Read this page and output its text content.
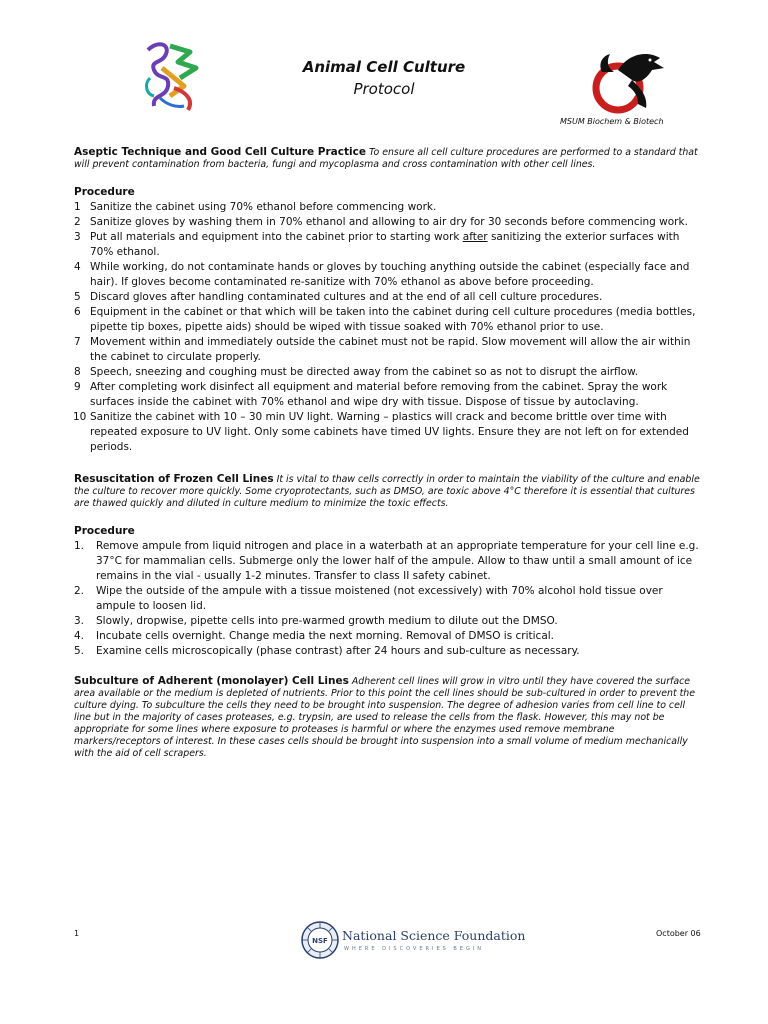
Animal Cell Culture
Protocol
MSUM Biochem & Biotech
Aseptic Technique and Good Cell Culture Practice To ensure all cell culture procedures are performed to a standard that will prevent contamination from bacteria, fungi and mycoplasma and cross contamination with other cell lines.
Procedure
1 Sanitize the cabinet using 70% ethanol before commencing work.
2 Sanitize gloves by washing them in 70% ethanol and allowing to air dry for 30 seconds before commencing work.
3 Put all materials and equipment into the cabinet prior to starting work after sanitizing the exterior surfaces with 70% ethanol.
4 While working, do not contaminate hands or gloves by touching anything outside the cabinet (especially face and hair). If gloves become contaminated re-sanitize with 70% ethanol as above before proceeding.
5 Discard gloves after handling contaminated cultures and at the end of all cell culture procedures.
6 Equipment in the cabinet or that which will be taken into the cabinet during cell culture procedures (media bottles, pipette tip boxes, pipette aids) should be wiped with tissue soaked with 70% ethanol prior to use.
7 Movement within and immediately outside the cabinet must not be rapid. Slow movement will allow the air within the cabinet to circulate properly.
8 Speech, sneezing and coughing must be directed away from the cabinet so as not to disrupt the airflow.
9 After completing work disinfect all equipment and material before removing from the cabinet. Spray the work surfaces inside the cabinet with 70% ethanol and wipe dry with tissue. Dispose of tissue by autoclaving.
10 Sanitize the cabinet with 10 – 30 min UV light. Warning – plastics will crack and become brittle over time with repeated exposure to UV light. Only some cabinets have timed UV lights. Ensure they are not left on for extended periods.
Resuscitation of Frozen Cell Lines It is vital to thaw cells correctly in order to maintain the viability of the culture and enable the culture to recover more quickly. Some cryoprotectants, such as DMSO, are toxic above 4°C therefore it is essential that cultures are thawed quickly and diluted in culture medium to minimize the toxic effects.
Procedure
1. Remove ampule from liquid nitrogen and place in a waterbath at an appropriate temperature for your cell line e.g. 37°C for mammalian cells. Submerge only the lower half of the ampule. Allow to thaw until a small amount of ice remains in the vial - usually 1-2 minutes. Transfer to class II safety cabinet.
2. Wipe the outside of the ampule with a tissue moistened (not excessively) with 70% alcohol hold tissue over ampule to loosen lid.
3. Slowly, dropwise, pipette cells into pre-warmed growth medium to dilute out the DMSO.
4. Incubate cells overnight. Change media the next morning. Removal of DMSO is critical.
5. Examine cells microscopically (phase contrast) after 24 hours and sub-culture as necessary.
Subculture of Adherent (monolayer) Cell Lines Adherent cell lines will grow in vitro until they have covered the surface area available or the medium is depleted of nutrients. Prior to this point the cell lines should be sub-cultured in order to prevent the culture dying. To subculture the cells they need to be brought into suspension. The degree of adhesion varies from cell line to cell line but in the majority of cases proteases, e.g. trypsin, are used to release the cells from the flask. However, this may not be appropriate for some lines where exposure to proteases is harmful or where the enzymes used remove membrane markers/receptors of interest. In these cases cells should be brought into suspension into a small volume of medium mechanically with the aid of cell scrapers.
1
NSF National Science Foundation
WHERE DISCOVERIES BEGIN
October 06
